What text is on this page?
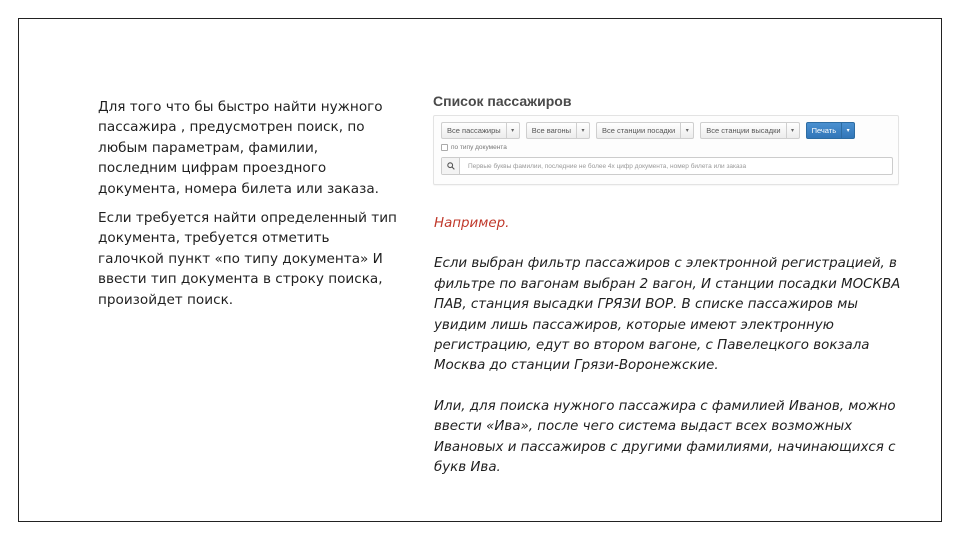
Для того что бы быстро найти нужного пассажира , предусмотрен поиск, по любым параметрам, фамилии, последним цифрам проездного документа, номера билета или заказа.

Если требуется найти определенный тип документа, требуется отметить галочкой пункт «по типу документа» И ввести тип документа в строку поиска, произойдет поиск.

Список пассажиров
Все пассажиры	▾	Все вагоны	▾	Все станции посадки	▾	Все станции высадки	▾	Печать	▾
по типу документа
Первые буквы фамилии, последние не более 4х цифр документа, номер билета или заказа

Например.

Если выбран фильтр пассажиров с электронной регистрацией, в фильтре по вагонам выбран 2 вагон, И станции посадки МОСКВА ПАВ, станция высадки ГРЯЗИ ВОР. В списке пассажиров мы увидим лишь пассажиров, которые имеют электронную регистрацию, едут во втором вагоне, с Павелецкого вокзала Москва до станции Грязи-Воронежские.

Или, для поиска нужного пассажира с фамилией Иванов, можно ввести «Ива», после чего система выдаст всех возможных Ивановых и пассажиров с другими фамилиями, начинающихся с букв Ива.
